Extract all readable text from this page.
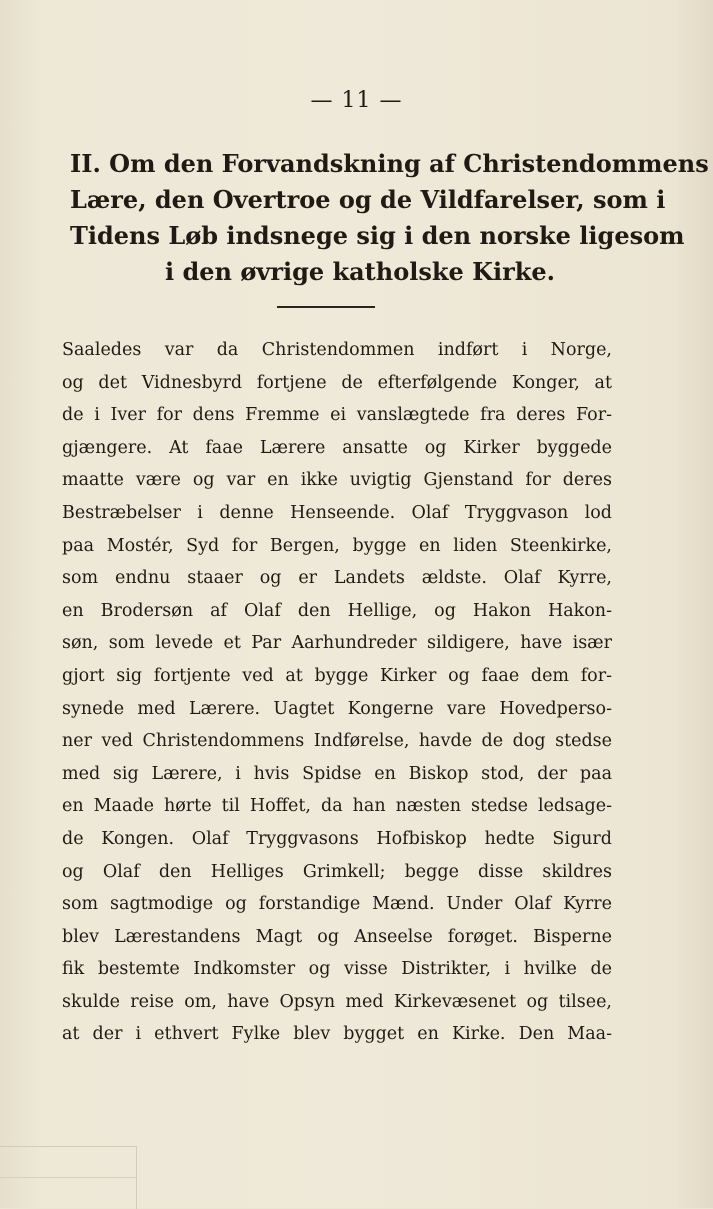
— 11 —
II. Om den Forvandskning af Christendommens
Lære, den Overtroe og de Vildfarelser, som i
Tidens Løb indsnege sig i den norske ligesom
i den øvrige katholske Kirke.
Saaledes var da Christendommen indført i Norge,
og det Vidnesbyrd fortjene de efterfølgende Konger, at
de i Iver for dens Fremme ei vanslægtede fra deres For-
gjængere. At faae Lærere ansatte og Kirker byggede
maatte være og var en ikke uvigtig Gjenstand for deres
Bestræbelser i denne Henseende. Olaf Tryggvason lod
paa Mostér, Syd for Bergen, bygge en liden Steenkirke,
som endnu staaer og er Landets ældste. Olaf Kyrre,
en Brodersøn af Olaf den Hellige, og Hakon Hakon-
søn, som levede et Par Aarhundreder sildigere, have især
gjort sig fortjente ved at bygge Kirker og faae dem for-
synede med Lærere. Uagtet Kongerne vare Hovedperso-
ner ved Christendommens Indførelse, havde de dog stedse
med sig Lærere, i hvis Spidse en Biskop stod, der paa
en Maade hørte til Hoffet, da han næsten stedse ledsage-
de Kongen. Olaf Tryggvasons Hofbiskop hedte Sigurd
og Olaf den Helliges Grimkell; begge disse skildres
som sagtmodige og forstandige Mænd. Under Olaf Kyrre
blev Lærestandens Magt og Anseelse forøget. Bisperne
fik bestemte Indkomster og visse Distrikter, i hvilke de
skulde reise om, have Opsyn med Kirkevæsenet og tilsee,
at der i ethvert Fylke blev bygget en Kirke. Den Maa-
